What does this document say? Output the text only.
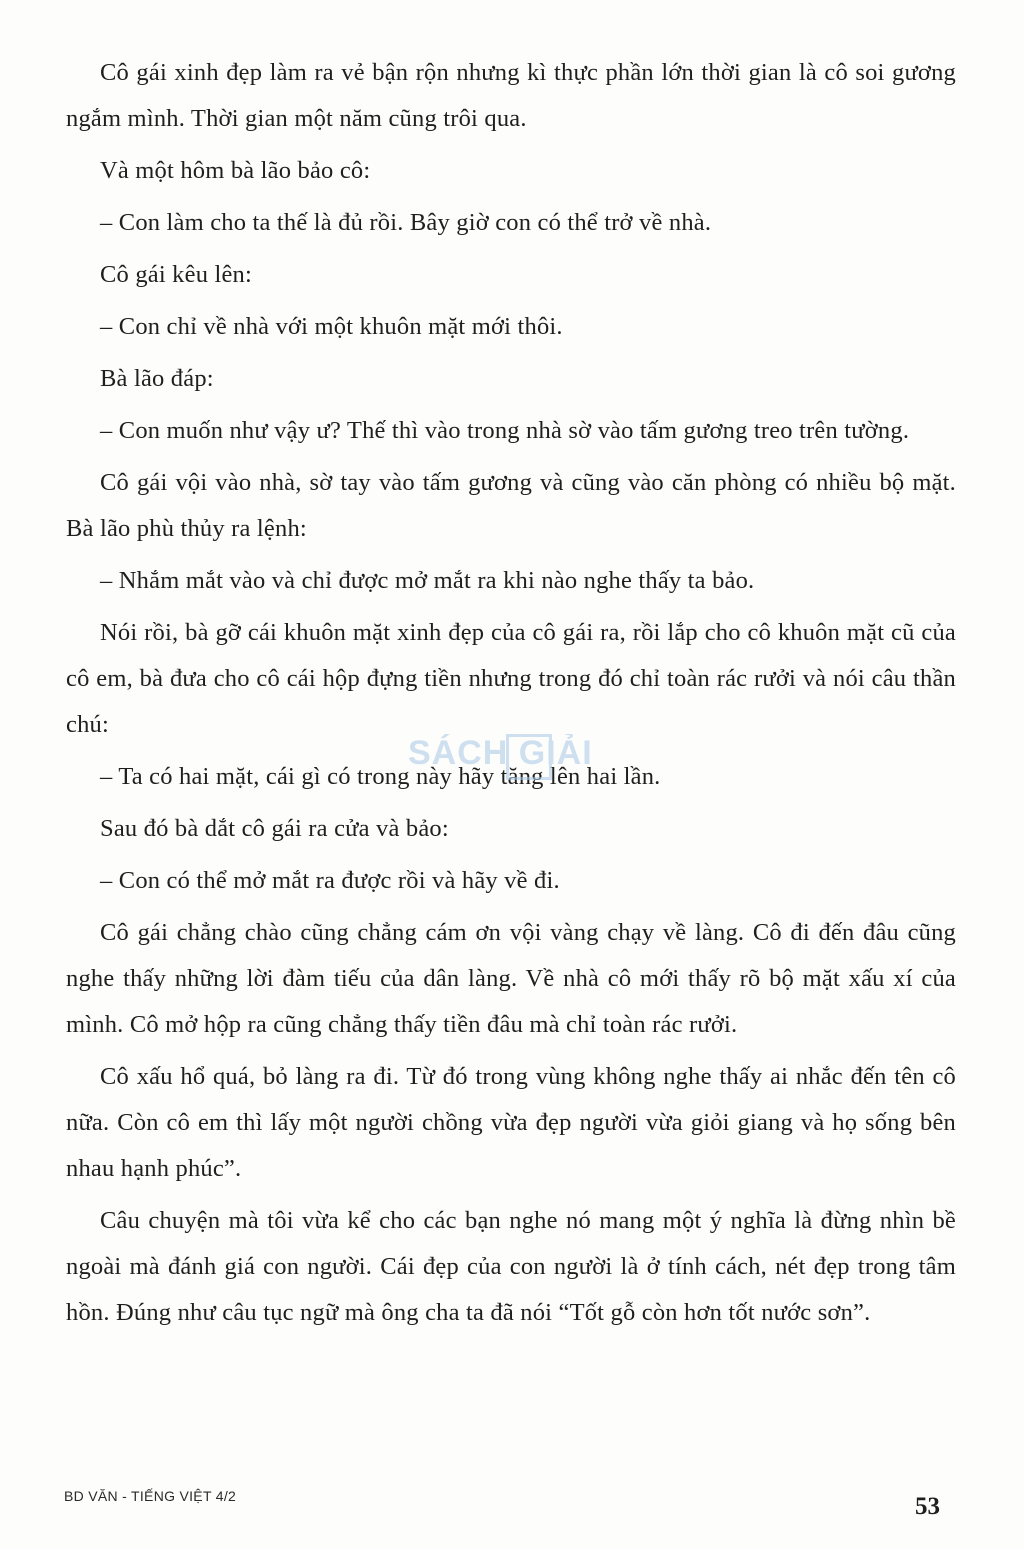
Cô gái xinh đẹp làm ra vẻ bận rộn nhưng kì thực phần lớn thời gian là cô soi gương ngắm mình. Thời gian một năm cũng trôi qua.

Và một hôm bà lão bảo cô:

– Con làm cho ta thế là đủ rồi. Bây giờ con có thể trở về nhà.

Cô gái kêu lên:

– Con chỉ về nhà với một khuôn mặt mới thôi.

Bà lão đáp:

– Con muốn như vậy ư? Thế thì vào trong nhà sờ vào tấm gương treo trên tường.

Cô gái vội vào nhà, sờ tay vào tấm gương và cũng vào căn phòng có nhiều bộ mặt. Bà lão phù thủy ra lệnh:

– Nhắm mắt vào và chỉ được mở mắt ra khi nào nghe thấy ta bảo.

Nói rồi, bà gỡ cái khuôn mặt xinh đẹp của cô gái ra, rồi lắp cho cô khuôn mặt cũ của cô em, bà đưa cho cô cái hộp đựng tiền nhưng trong đó chỉ toàn rác rưởi và nói câu thần chú:

– Ta có hai mặt, cái gì có trong này hãy tăng lên hai lần.

Sau đó bà dắt cô gái ra cửa và bảo:

– Con có thể mở mắt ra được rồi và hãy về đi.

Cô gái chẳng chào cũng chẳng cám ơn vội vàng chạy về làng. Cô đi đến đâu cũng nghe thấy những lời đàm tiếu của dân làng. Về nhà cô mới thấy rõ bộ mặt xấu xí của mình. Cô mở hộp ra cũng chẳng thấy tiền đâu mà chỉ toàn rác rưởi.

Cô xấu hổ quá, bỏ làng ra đi. Từ đó trong vùng không nghe thấy ai nhắc đến tên cô nữa. Còn cô em thì lấy một người chồng vừa đẹp người vừa giỏi giang và họ sống bên nhau hạnh phúc”.

Câu chuyện mà tôi vừa kể cho các bạn nghe nó mang một ý nghĩa là đừng nhìn bề ngoài mà đánh giá con người. Cái đẹp của con người là ở tính cách, nét đẹp trong tâm hồn. Đúng như câu tục ngữ mà ông cha ta đã nói “Tốt gỗ còn hơn tốt nước sơn”.

SÁCH GIẢI
BD VĂN - TIẾNG VIỆT 4/2	53
